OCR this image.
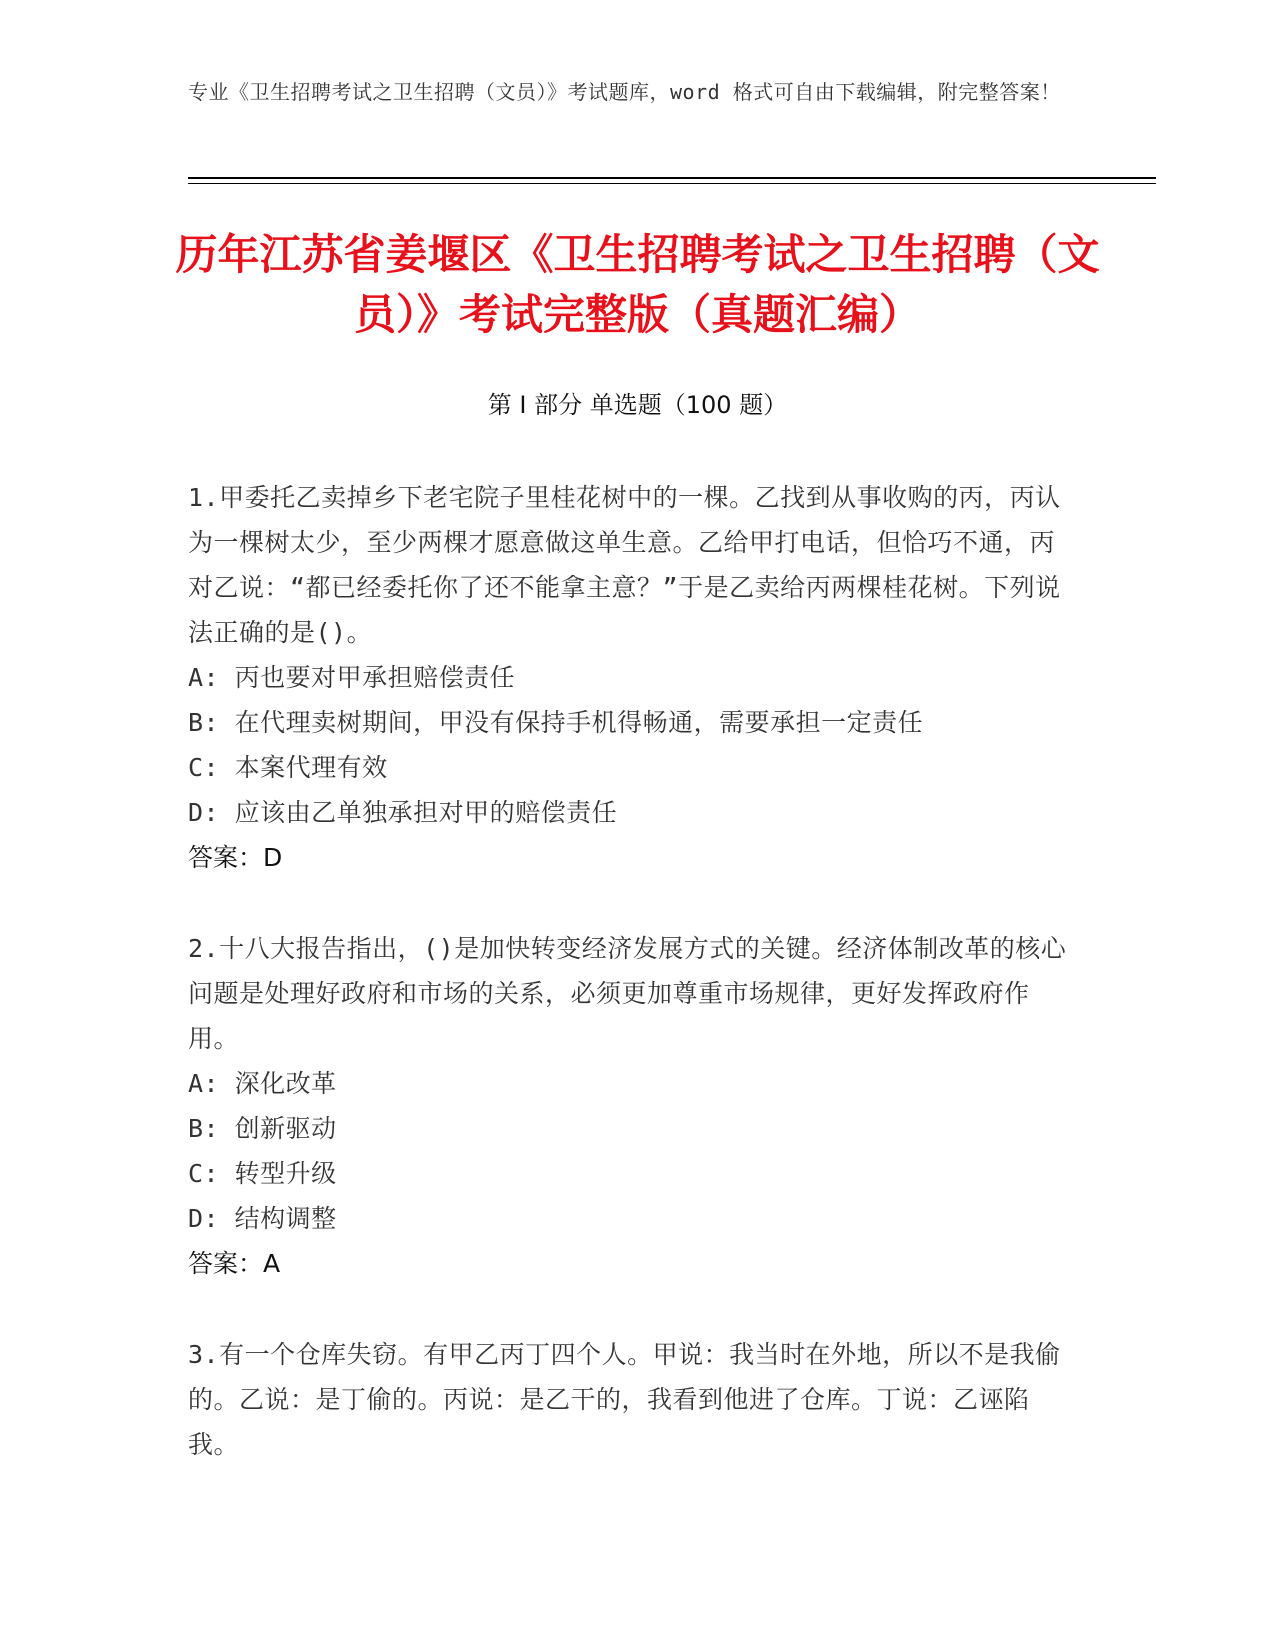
专业《卫生招聘考试之卫生招聘（文员）》考试题库，word 格式可自由下载编辑，附完整答案！
历年江苏省姜堰区《卫生招聘考试之卫生招聘（文员）》考试完整版（真题汇编）
第 I 部分 单选题（100 题）
1.甲委托乙卖掉乡下老宅院子里桂花树中的一棵。乙找到从事收购的丙，丙认为一棵树太少，至少两棵才愿意做这单生意。乙给甲打电话，但恰巧不通，丙对乙说：“都已经委托你了还不能拿主意？”于是乙卖给丙两棵桂花树。下列说法正确的是()。
A: 丙也要对甲承担赔偿责任
B: 在代理卖树期间，甲没有保持手机得畅通，需要承担一定责任
C: 本案代理有效
D: 应该由乙单独承担对甲的赔偿责任
答案：D
2.十八大报告指出，()是加快转变经济发展方式的关键。经济体制改革的核心问题是处理好政府和市场的关系，必须更加尊重市场规律，更好发挥政府作用。
A: 深化改革
B: 创新驱动
C: 转型升级
D: 结构调整
答案：A
3.有一个仓库失窃。有甲乙丙丁四个人。甲说：我当时在外地，所以不是我偷的。乙说：是丁偷的。丙说：是乙干的，我看到他进了仓库。丁说：乙诬陷我。
